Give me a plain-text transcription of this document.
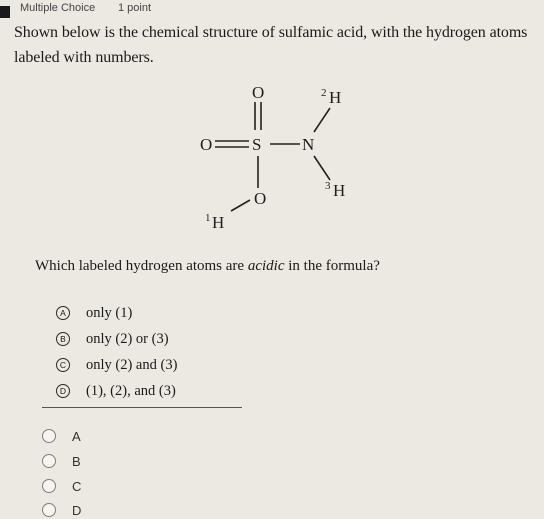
Multiple Choice 1 point
Shown below is the chemical structure of sulfamic acid, with the hydrogen atoms labeled with numbers.
O
O S N
O
1 H
2 H
3 H
Which labeled hydrogen atoms are acidic in the formula?
A only (1)
B only (2) or (3)
C only (2) and (3)
D (1), (2), and (3)
A
B
C
D
